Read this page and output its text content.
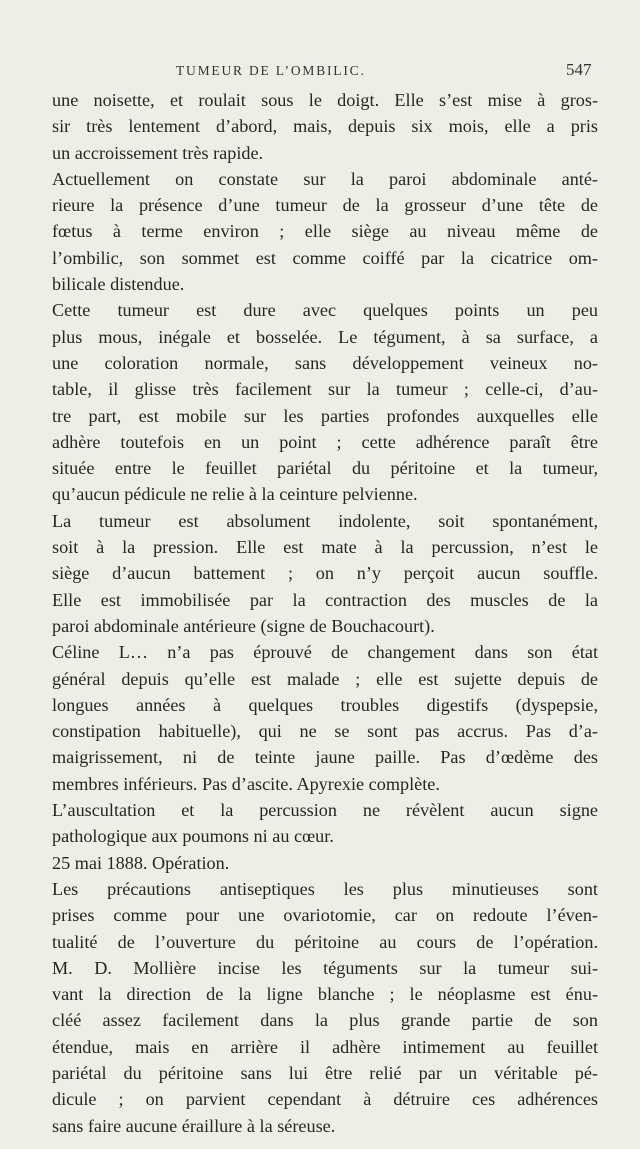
TUMEUR DE L’OMBILIC.	547
une noisette, et roulait sous le doigt. Elle s’est mise à gros-
sir très lentement d’abord, mais, depuis six mois, elle a pris
un accroissement très rapide.
Actuellement on constate sur la paroi abdominale anté-
rieure la présence d’une tumeur de la grosseur d’une tête de
fœtus à terme environ ; elle siège au niveau même de
l’ombilic, son sommet est comme coiffé par la cicatrice om-
bilicale distendue.
Cette tumeur est dure avec quelques points un peu
plus mous, inégale et bosselée. Le tégument, à sa surface, a
une coloration normale, sans développement veineux no-
table, il glisse très facilement sur la tumeur ; celle-ci, d’au-
tre part, est mobile sur les parties profondes auxquelles elle
adhère toutefois en un point ; cette adhérence paraît être
située entre le feuillet pariétal du péritoine et la tumeur,
qu’aucun pédicule ne relie à la ceinture pelvienne.
La tumeur est absolument indolente, soit spontanément,
soit à la pression. Elle est mate à la percussion, n’est le
siège d’aucun battement ; on n’y perçoit aucun souffle.
Elle est immobilisée par la contraction des muscles de la
paroi abdominale antérieure (signe de Bouchacourt).
Céline L… n’a pas éprouvé de changement dans son état
général depuis qu’elle est malade ; elle est sujette depuis de
longues années à quelques troubles digestifs (dyspepsie,
constipation habituelle), qui ne se sont pas accrus. Pas d’a-
maigrissement, ni de teinte jaune paille. Pas d’œdème des
membres inférieurs. Pas d’ascite. Apyrexie complète.
L’auscultation et la percussion ne révèlent aucun signe
pathologique aux poumons ni au cœur.
25 mai 1888. Opération.
Les précautions antiseptiques les plus minutieuses sont
prises comme pour une ovariotomie, car on redoute l’éven-
tualité de l’ouverture du péritoine au cours de l’opération.
M. D. Mollière incise les téguments sur la tumeur sui-
vant la direction de la ligne blanche ; le néoplasme est énu-
cléé assez facilement dans la plus grande partie de son
étendue, mais en arrière il adhère intimement au feuillet
pariétal du péritoine sans lui être relié par un véritable pé-
dicule ; on parvient cependant à détruire ces adhérences
sans faire aucune éraillure à la séreuse.
